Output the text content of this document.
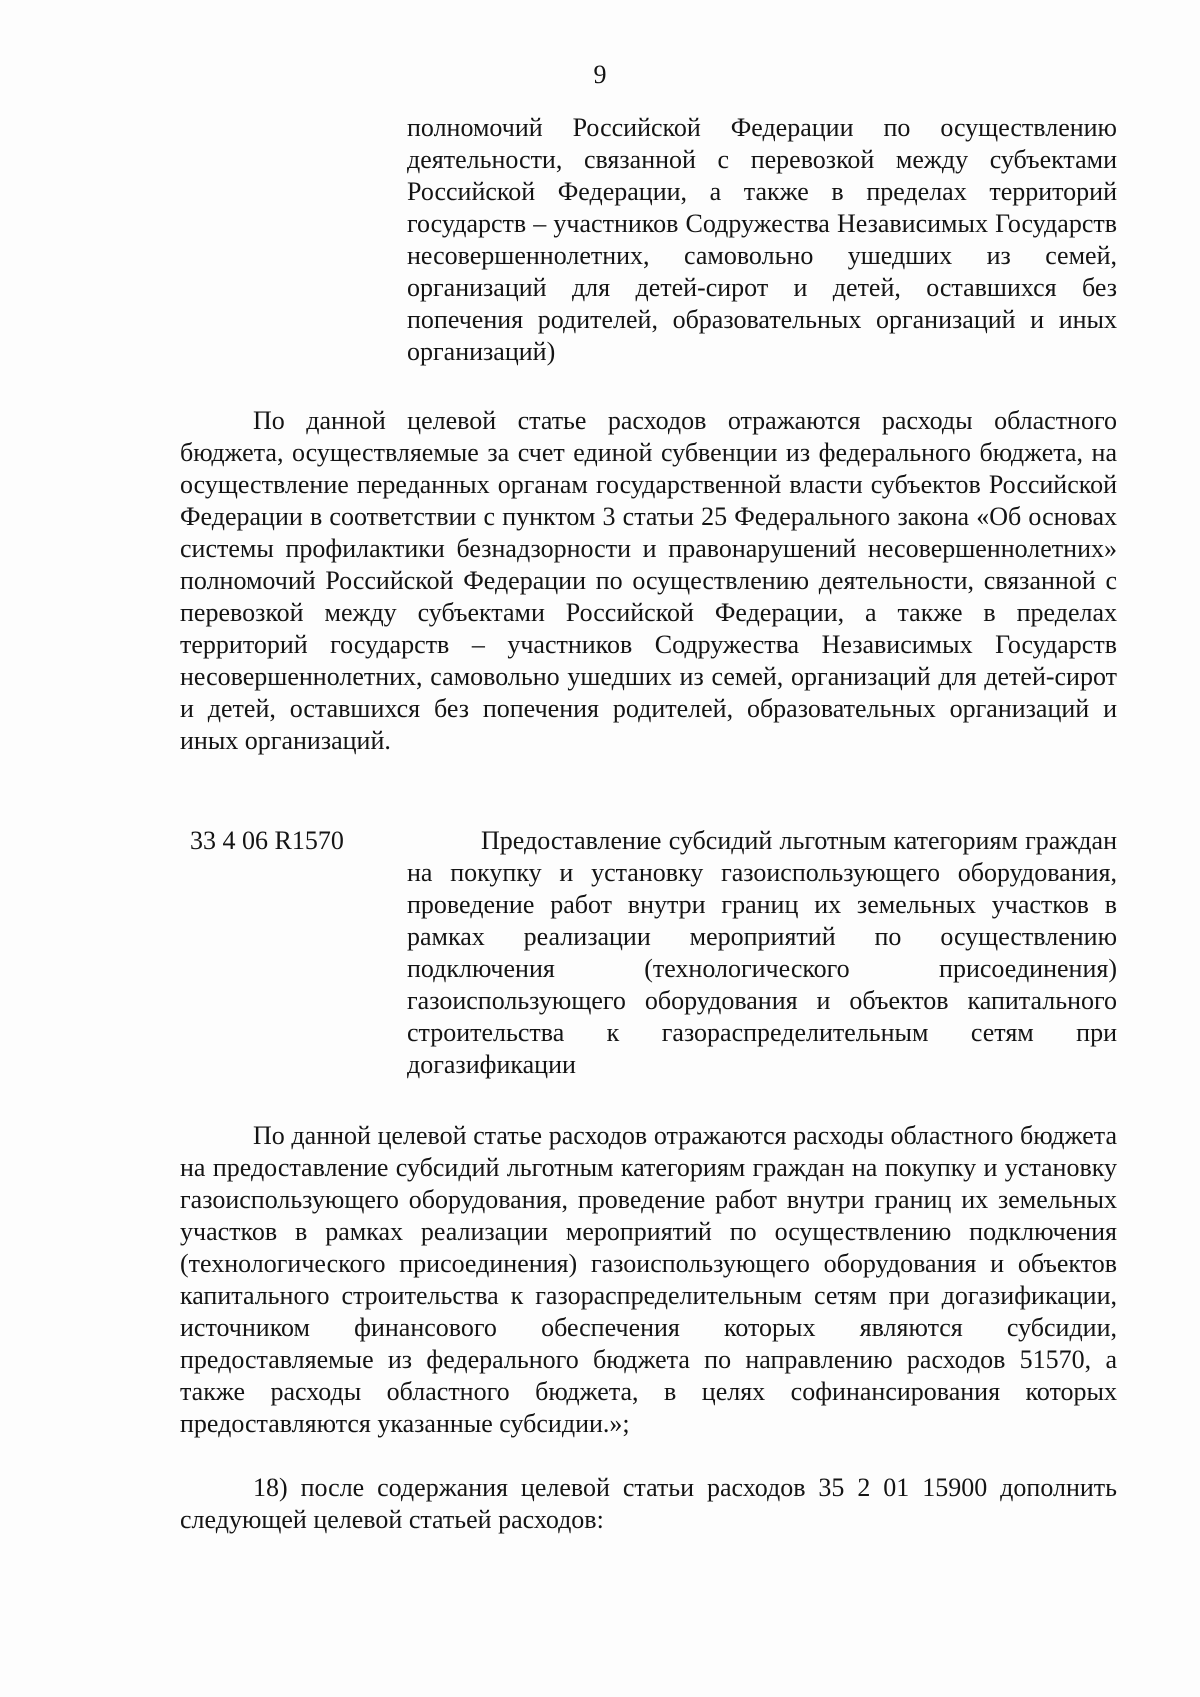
9
полномочий Российской Федерации по осуществлению деятельности, связанной с перевозкой между субъектами Российской Федерации, а также в пределах территорий государств – участников Содружества Независимых Государств несовершеннолетних, самовольно ушедших из семей, организаций для детей-сирот и детей, оставшихся без попечения родителей, образовательных организаций и иных организаций)
По данной целевой статье расходов отражаются расходы областного бюджета, осуществляемые за счет единой субвенции из федерального бюджета, на осуществление переданных органам государственной власти субъектов Российской Федерации в соответствии с пунктом 3 статьи 25 Федерального закона «Об основах системы профилактики безнадзорности и правонарушений несовершеннолетних» полномочий Российской Федерации по осуществлению деятельности, связанной с перевозкой между субъектами Российской Федерации, а также в пределах территорий государств – участников Содружества Независимых Государств несовершеннолетних, самовольно ушедших из семей, организаций для детей-сирот и детей, оставшихся без попечения родителей, образовательных организаций и иных организаций.
33 4 06 R1570	Предоставление субсидий льготным категориям граждан на покупку и установку газоиспользующего оборудования, проведение работ внутри границ их земельных участков в рамках реализации мероприятий по осуществлению подключения (технологического присоединения) газоиспользующего оборудования и объектов капитального строительства к газораспределительным сетям при догазификации
По данной целевой статье расходов отражаются расходы областного бюджета на предоставление субсидий льготным категориям граждан на покупку и установку газоиспользующего оборудования, проведение работ внутри границ их земельных участков в рамках реализации мероприятий по осуществлению подключения (технологического присоединения) газоиспользующего оборудования и объектов капитального строительства к газораспределительным сетям при догазификации, источником финансового обеспечения которых являются субсидии, предоставляемые из федерального бюджета по направлению расходов 51570, а также расходы областного бюджета, в целях софинансирования которых предоставляются указанные субсидии.»;
18) после содержания целевой статьи расходов 35 2 01 15900 дополнить следующей целевой статьей расходов:
